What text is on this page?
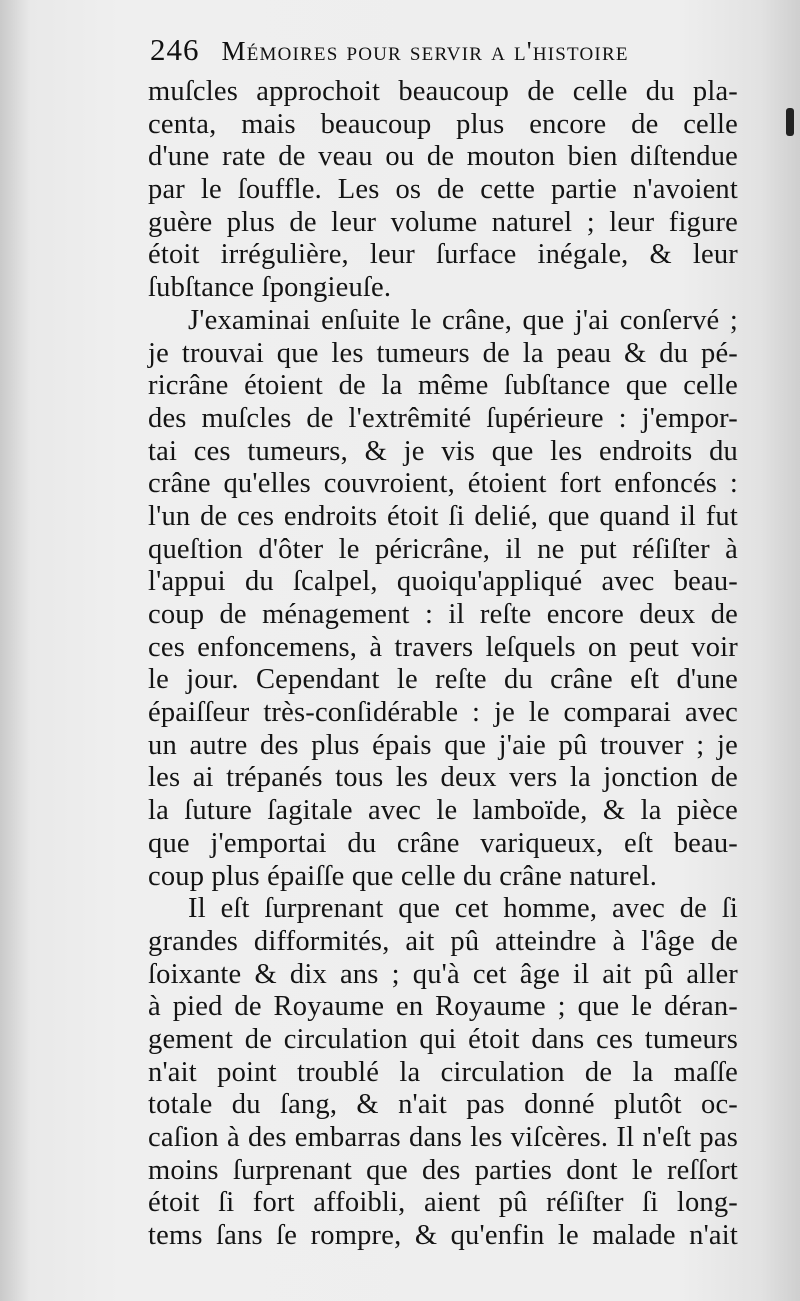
246 Mémoires pour servir a l'histoire
muſcles approchoit beaucoup de celle du pla-
centa, mais beaucoup plus encore de celle
d'une rate de veau ou de mouton bien diſtendue
par le ſouffle. Les os de cette partie n'avoient
guère plus de leur volume naturel ; leur figure
étoit irrégulière, leur ſurface inégale, & leur
ſubſtance ſpongieuſe.
J'examinai enſuite le crâne, que j'ai conſervé ;
je trouvai que les tumeurs de la peau & du pé-
ricrâne étoient de la même ſubſtance que celle
des muſcles de l'extrêmité ſupérieure : j'empor-
tai ces tumeurs, & je vis que les endroits du
crâne qu'elles couvroient, étoient fort enfoncés :
l'un de ces endroits étoit ſi delié, que quand il fut
queſtion d'ôter le péricrâne, il ne put réſiſter à
l'appui du ſcalpel, quoiqu'appliqué avec beau-
coup de ménagement : il reſte encore deux de
ces enfoncemens, à travers leſquels on peut voir
le jour. Cependant le reſte du crâne eſt d'une
épaiſſeur très-conſidérable : je le comparai avec
un autre des plus épais que j'aie pû trouver ; je
les ai trépanés tous les deux vers la jonction de
la ſuture ſagitale avec le lamboïde, & la pièce
que j'emportai du crâne variqueux, eſt beau-
coup plus épaiſſe que celle du crâne naturel.
Il eſt ſurprenant que cet homme, avec de ſi
grandes difformités, ait pû atteindre à l'âge de
ſoixante & dix ans ; qu'à cet âge il ait pû aller
à pied de Royaume en Royaume ; que le déran-
gement de circulation qui étoit dans ces tumeurs
n'ait point troublé la circulation de la maſſe
totale du ſang, & n'ait pas donné plutôt oc-
caſion à des embarras dans les viſcères. Il n'eſt pas
moins ſurprenant que des parties dont le reſſort
étoit ſi fort affoibli, aient pû réſiſter ſi long-
tems ſans ſe rompre, & qu'enfin le malade n'ait
